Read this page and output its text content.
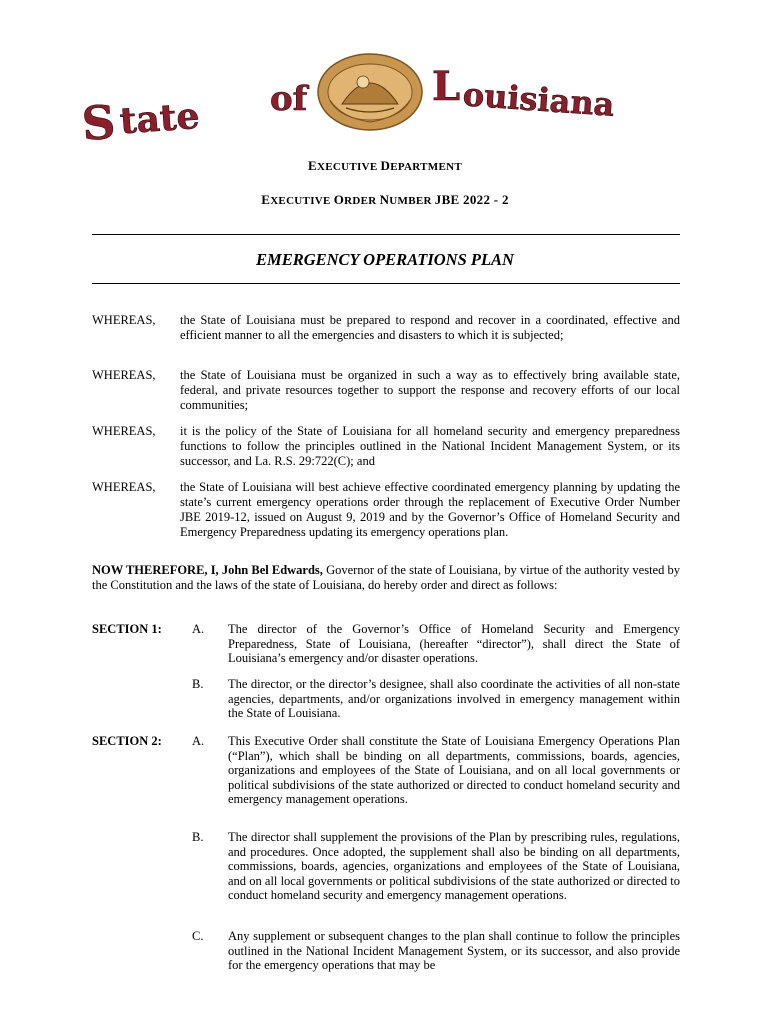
S tate of	L ouisiana
EXECUTIVE DEPARTMENT
EXECUTIVE ORDER NUMBER JBE 2022 - 2
EMERGENCY OPERATIONS PLAN
WHEREAS,	the State of Louisiana must be prepared to respond and recover in a coordinated, effective and efficient manner to all the emergencies and disasters to which it is subjected;
WHEREAS,	the State of Louisiana must be organized in such a way as to effectively bring available state, federal, and private resources together to support the response and recovery efforts of our local communities;
WHEREAS,	it is the policy of the State of Louisiana for all homeland security and emergency preparedness functions to follow the principles outlined in the National Incident Management System, or its successor, and La. R.S. 29:722(C); and
WHEREAS,	the State of Louisiana will best achieve effective coordinated emergency planning by updating the state’s current emergency operations order through the replacement of Executive Order Number JBE 2019-12, issued on August 9, 2019 and by the Governor’s Office of Homeland Security and Emergency Preparedness updating its emergency operations plan.
NOW THEREFORE, I, John Bel Edwards, Governor of the state of Louisiana, by virtue of the authority vested by the Constitution and the laws of the state of Louisiana, do hereby order and direct as follows:
SECTION 1: A.	The director of the Governor’s Office of Homeland Security and Emergency Preparedness, State of Louisiana, (hereafter “director”), shall direct the State of Louisiana’s emergency and/or disaster operations.
B.	The director, or the director’s designee, shall also coordinate the activities of all non-state agencies, departments, and/or organizations involved in emergency management within the State of Louisiana.
SECTION 2: A.	This Executive Order shall constitute the State of Louisiana Emergency Operations Plan (“Plan”), which shall be binding on all departments, commissions, boards, agencies, organizations and employees of the State of Louisiana, and on all local governments or political subdivisions of the state authorized or directed to conduct homeland security and emergency management operations.
B.	The director shall supplement the provisions of the Plan by prescribing rules, regulations, and procedures. Once adopted, the supplement shall also be binding on all departments, commissions, boards, agencies, organizations and employees of the State of Louisiana, and on all local governments or political subdivisions of the state authorized or directed to conduct homeland security and emergency management operations.
C.	Any supplement or subsequent changes to the plan shall continue to follow the principles outlined in the National Incident Management System, or its successor, and also provide for the emergency operations that may be
